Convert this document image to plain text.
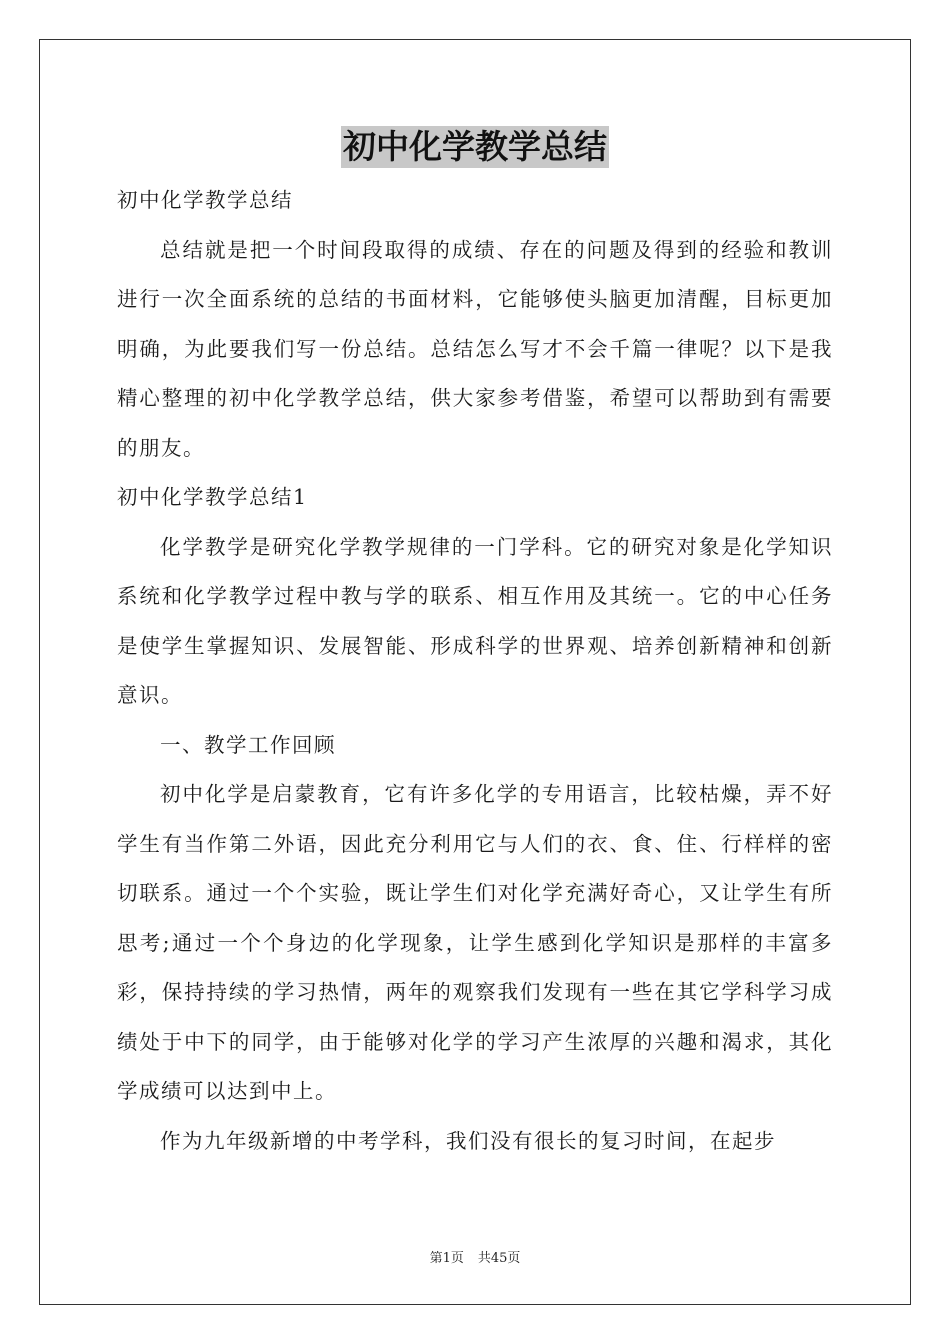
初中化学教学总结

初中化学教学总结

总结就是把一个时间段取得的成绩、存在的问题及得到的经验和教训进行一次全面系统的总结的书面材料，它能够使头脑更加清醒，目标更加明确，为此要我们写一份总结。总结怎么写才不会千篇一律呢？以下是我精心整理的初中化学教学总结，供大家参考借鉴，希望可以帮助到有需要的朋友。

初中化学教学总结1

化学教学是研究化学教学规律的一门学科。它的研究对象是化学知识系统和化学教学过程中教与学的联系、相互作用及其统一。它的中心任务是使学生掌握知识、发展智能、形成科学的世界观、培养创新精神和创新意识。

一、教学工作回顾

初中化学是启蒙教育，它有许多化学的专用语言，比较枯燥，弄不好学生有当作第二外语，因此充分利用它与人们的衣、食、住、行样样的密切联系。通过一个个实验，既让学生们对化学充满好奇心，又让学生有所思考;通过一个个身边的化学现象，让学生感到化学知识是那样的丰富多彩，保持持续的学习热情，两年的观察我们发现有一些在其它学科学习成绩处于中下的同学，由于能够对化学的学习产生浓厚的兴趣和渴求，其化学成绩可以达到中上。

作为九年级新增的中考学科，我们没有很长的复习时间，在起步

第1页 共45页
